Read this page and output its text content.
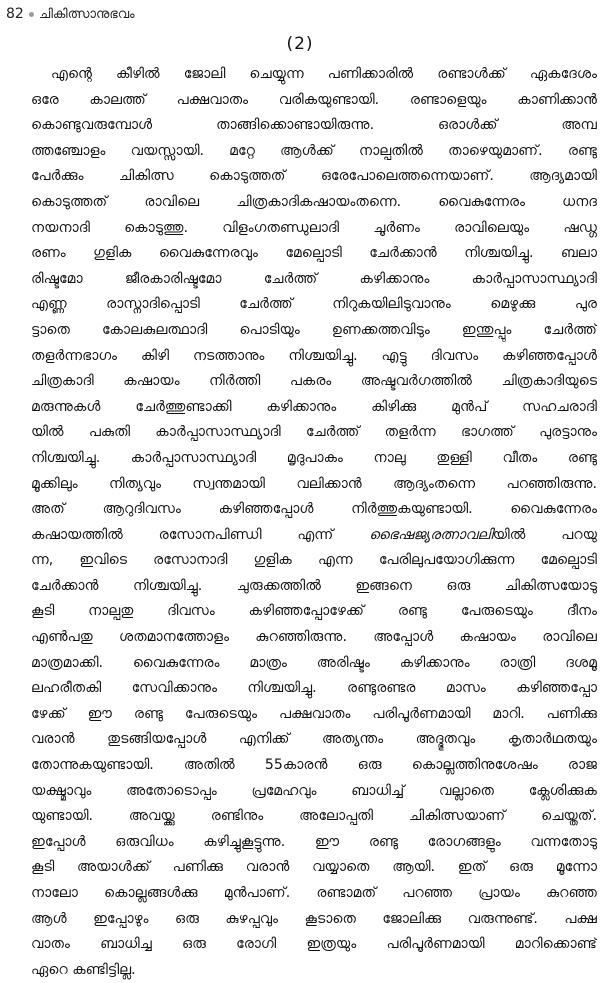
82 ചികിത്സാനുഭവം
(2)
എന്റെ കീഴിൽ ജോലി ചെയ്യുന്ന പണിക്കാരിൽ രണ്ടാൾക്ക് ഏകദേശം
ഒരേ കാലത്ത് പക്ഷവാതം വരികയുണ്ടായി. രണ്ടാളെയും കാണിക്കാൻ
കൊണ്ടുവരുമ്പോൾ താങ്ങിക്കൊണ്ടായിരുന്നു. ഒരാൾക്ക് അമ്പ
ത്തഞ്ചോളം വയസ്സായി. മറ്റേ ആൾക്ക് നാല്പതിൽ താഴെയുമാണ്. രണ്ടു
പേർക്കും ചികിത്സ കൊടുത്തത് ഒരേപോലെത്തന്നെയാണ്. ആദ്യമായി
കൊടുത്തത് രാവിലെ ചിത്രകാദികഷായംതന്നെ. വൈകുന്നേരം ധനദ
നയനാദി കൊടുത്തു. വിളംഗതണ്ഡുലാദി ചൂർണം രാവിലെയും ഷഡ്ഗ
രണം ഗുളിക വൈകുന്നേരവും മേല്പൊടി ചേർക്കാൻ നിശ്ചയിച്ചു. ബലാ
രിഷ്ടമോ ജീരകാരിഷ്ടമോ ചേർത്ത് കഴിക്കാനും കാർപ്പാസാസ്ഥ്യാദി
എണ്ണ രാസ്നാദിപ്പൊടി ചേർത്ത് നിറുകയിലിടുവാനും മെഴുക്കു പുര
ട്ടാതെ കോലകുലത്ഥാദി പൊടിയും ഉണക്കത്തവിടും ഇന്തുപ്പും ചേർത്ത്
തളർന്നഭാഗം കിഴി നടത്താനും നിശ്ചയിച്ചു. എട്ടു ദിവസം കഴിഞ്ഞപ്പോൾ
ചിത്രകാദി കഷായം നിർത്തി പകരം അഷ്ടവർഗത്തിൽ ചിത്രകാദിയുടെ
മരുന്നുകൾ ചേർത്തുണ്ടാക്കി കഴിക്കാനും കിഴിക്കു മുൻപ് സഹചരാദി
യിൽ പകുതി കാർപ്പാസാസ്ഥ്യാദി ചേർത്ത് തളർന്ന ഭാഗത്ത് പുരട്ടാനും
നിശ്ചയിച്ചു. കാർപ്പാസാസ്ഥ്യാദി മൃദുപാകം നാലു തുള്ളി വീതം രണ്ടു
മൂക്കിലും നിത്യവും സ്വന്തമായി വലിക്കാൻ ആദ്യംതന്നെ പറഞ്ഞിരുന്നു.
അത് ആറുദിവസം കഴിഞ്ഞപ്പോൾ നിർത്തുകയുണ്ടായി. വൈകുന്നേരം
കഷായത്തിൽ രസോനപിണ്ഡി എന്ന് ഭൈഷജ്യരത്നാവലിയിൽ പറയു
ന്ന, ഇവിടെ രസോനാദി ഗുളിക എന്ന പേരിലുപയോഗിക്കുന്ന മേല്പൊടി
ചേർക്കാൻ നിശ്ചയിച്ചു. ചുരുക്കത്തിൽ ഇങ്ങനെ ഒരു ചികിത്സയോടു
കൂടി നാല്പതു ദിവസം കഴിഞ്ഞപ്പോഴേക്ക് രണ്ടു പേരുടെയും ദീനം
എൺപതു ശതമാനത്തോളം കുറഞ്ഞിരുന്നു. അപ്പോൾ കഷായം രാവിലെ
മാത്രമാക്കി. വൈകുന്നേരം മാത്രം അരിഷ്ടം കഴിക്കാനും രാത്രി ദശമൂ
ലഹരീതകി സേവിക്കാനും നിശ്ചയിച്ചു. രണ്ടുരണ്ടര മാസം കഴിഞ്ഞപ്പോ
ഴേക്ക് ഈ രണ്ടു പേരുടെയും പക്ഷവാതം പരിപൂർണമായി മാറി. പണിക്കു
വരാൻ തുടങ്ങിയപ്പോൾ എനിക്ക് അത്യന്തം അദ്ഭുതവും കൃതാർഥതയും
തോന്നുകയുണ്ടായി. അതിൽ 55കാരൻ ഒരു കൊല്ലത്തിനുശേഷം രാജ
യക്ഷ്മാവും അതോടൊപ്പം പ്രമേഹവും ബാധിച്ച് വല്ലാതെ ക്ലേശിക്കുക
യുണ്ടായി. അവയ്ക്കു രണ്ടിനും അലോപ്പതി ചികിത്സയാണ് ചെയ്തത്.
ഇപ്പോൾ ഒരുവിധം കഴിച്ചുകൂട്ടുന്നു. ഈ രണ്ടു രോഗങ്ങളും വന്നതോടു
കൂടി അയാൾക്ക് പണിക്കു വരാൻ വയ്യാതെ ആയി. ഇത് ഒരു മൂന്നോ
നാലോ കൊല്ലങ്ങൾക്കു മുൻപാണ്. രണ്ടാമത് പറഞ്ഞ പ്രായം കുറഞ്ഞ
ആൾ ഇപ്പോഴും ഒരു കുഴപ്പവും കൂടാതെ ജോലിക്കു വരുന്നുണ്ട്. പക്ഷ
വാതം ബാധിച്ച ഒരു രോഗി ഇത്രയും പരിപൂർണമായി മാറിക്കൊണ്ട്
ഏറെ കണ്ടിട്ടില്ല.
